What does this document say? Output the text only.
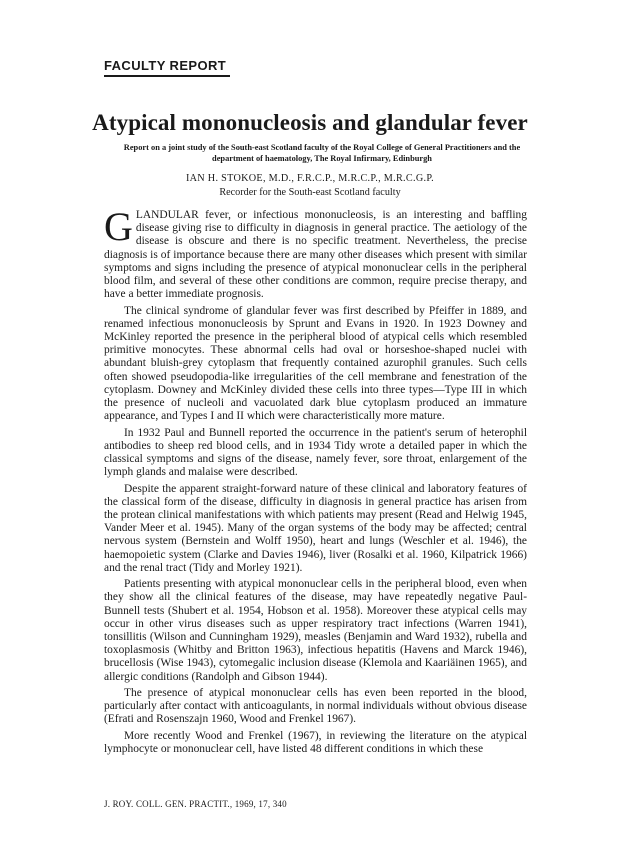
FACULTY REPORT
Atypical mononucleosis and glandular fever
Report on a joint study of the South-east Scotland faculty of the Royal College of General Practitioners and the department of haematology, The Royal Infirmary, Edinburgh
IAN H. STOKOE, M.D., F.R.C.P., M.R.C.P., M.R.C.G.P.
Recorder for the South-east Scotland faculty

GLANDULAR fever, or infectious mononucleosis, is an interesting and baffling disease giving rise to difficulty in diagnosis in general practice. The aetiology of the disease is obscure and there is no specific treatment. Nevertheless, the precise diagnosis is of importance because there are many other diseases which present with similar symptoms and signs including the presence of atypical mononuclear cells in the peripheral blood film, and several of these other conditions are common, require precise therapy, and have a better immediate prognosis.

The clinical syndrome of glandular fever was first described by Pfeiffer in 1889, and renamed infectious mononucleosis by Sprunt and Evans in 1920. In 1923 Downey and McKinley reported the presence in the peripheral blood of atypical cells which resembled primitive monocytes. These abnormal cells had oval or horseshoe-shaped nuclei with abundant bluish-grey cytoplasm that frequently contained azurophil granules. Such cells often showed pseudopodia-like irregularities of the cell membrane and fenestration of the cytoplasm. Downey and McKinley divided these cells into three types—Type III in which the presence of nucleoli and vacuolated dark blue cytoplasm produced an immature appearance, and Types I and II which were characteristically more mature.

In 1932 Paul and Bunnell reported the occurrence in the patient's serum of heterophil antibodies to sheep red blood cells, and in 1934 Tidy wrote a detailed paper in which the classical symptoms and signs of the disease, namely fever, sore throat, enlargement of the lymph glands and malaise were described.

Despite the apparent straight-forward nature of these clinical and laboratory features of the classical form of the disease, difficulty in diagnosis in general practice has arisen from the protean clinical manifestations with which patients may present (Read and Helwig 1945, Vander Meer et al. 1945). Many of the organ systems of the body may be affected; central nervous system (Bernstein and Wolff 1950), heart and lungs (Weschler et al. 1946), the haemopoietic system (Clarke and Davies 1946), liver (Rosalki et al. 1960, Kilpatrick 1966) and the renal tract (Tidy and Morley 1921).

Patients presenting with atypical mononuclear cells in the peripheral blood, even when they show all the clinical features of the disease, may have repeatedly negative Paul-Bunnell tests (Shubert et al. 1954, Hobson et al. 1958). Moreover these atypical cells may occur in other virus diseases such as upper respiratory tract infections (Warren 1941), tonsillitis (Wilson and Cunningham 1929), measles (Benjamin and Ward 1932), rubella and toxoplasmosis (Whitby and Britton 1963), infectious hepatitis (Havens and Marck 1946), brucellosis (Wise 1943), cytomegalic inclusion disease (Klemola and Kaariäinen 1965), and allergic conditions (Randolph and Gibson 1944).

The presence of atypical mononuclear cells has even been reported in the blood, particularly after contact with anticoagulants, in normal individuals without obvious disease (Efrati and Rosenszajn 1960, Wood and Frenkel 1967).

More recently Wood and Frenkel (1967), in reviewing the literature on the atypical lymphocyte or mononuclear cell, have listed 48 different conditions in which these

J. ROY. COLL. GEN. PRACTIT., 1969, 17, 340
